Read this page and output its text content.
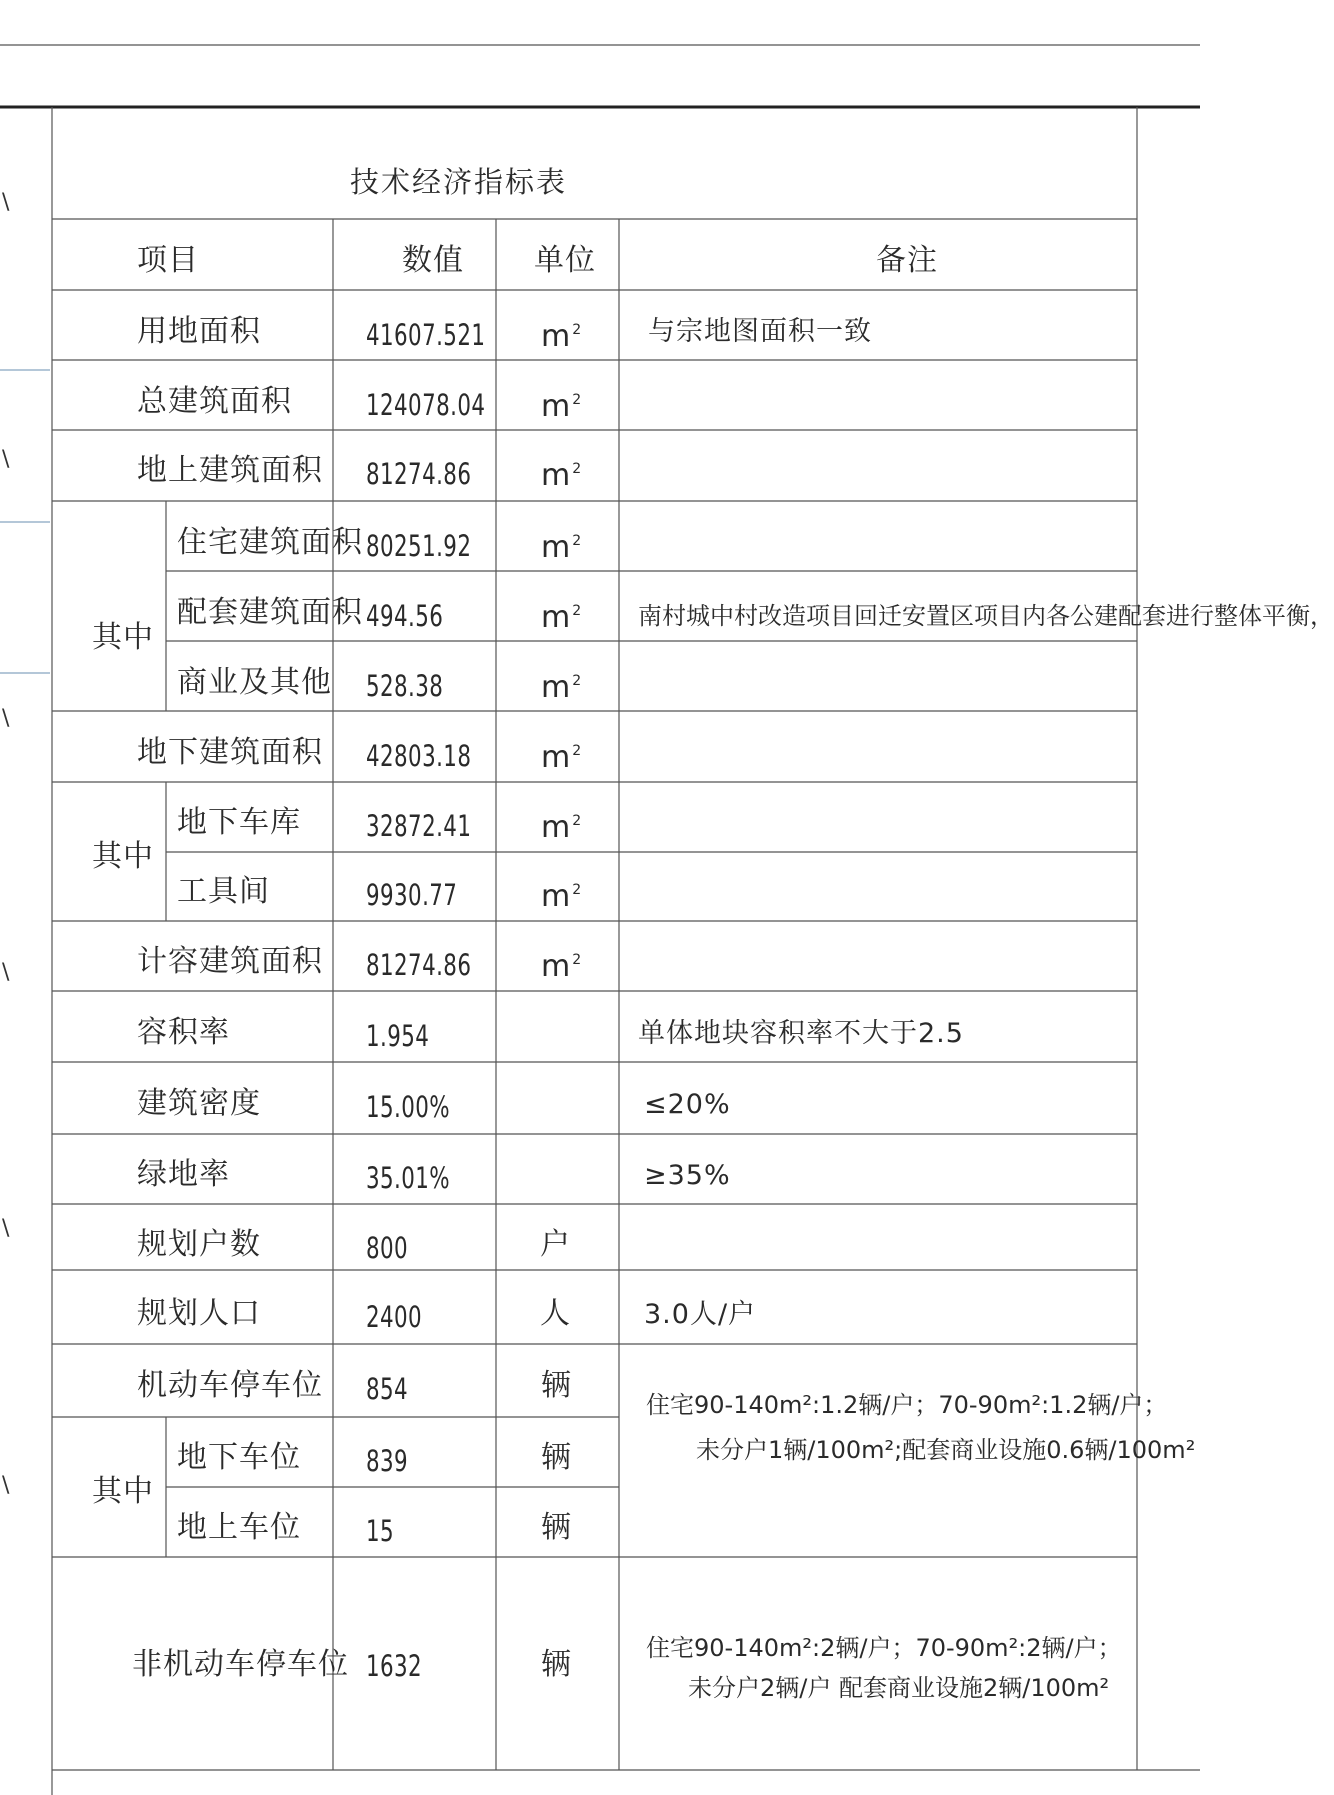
\
\
\
\
\
\
技术经济指标表
项目	数值 单位	备注
用地面积	41607.521 $m^2$ 与宗地图面积一致
总建筑面积	124078.04 $m^2$
地上建筑面积 81274.86 $m^2$
其中
住宅建筑面积 80251.92 $m^2$
配套建筑面积 494.56	$m^2$ 南村城中村改造项目回迁安置区项目内各公建配套进行整体平衡，
商业及其他 528.38	$m^2$
地下建筑面积 42803.18 $m^2$
其中
地下车库 32872.41 $m^2$
工具间	9930.77	$m^2$
计容建筑面积 81274.86 $m^2$
容积率	1.954	单体地块容积率不大于2.5
建筑密度	15.00%	≤20%
绿地率	35.01%	≥35%
规划户数	800	户
规划人口	2400	人	3.0人/户
机动车停车位 854	辆
住宅90-140m²:1.2辆/户；70-90m²:1.2辆/户；
未分户1辆/100m²;配套商业设施0.6辆/100m²
其中
地下车位 839	辆
地上车位 15	辆
非机动车停车位 1632	辆	住宅90-140m²:2辆/户；70-90m²:2辆/户；
未分户2辆/户 配套商业设施2辆/100m²
